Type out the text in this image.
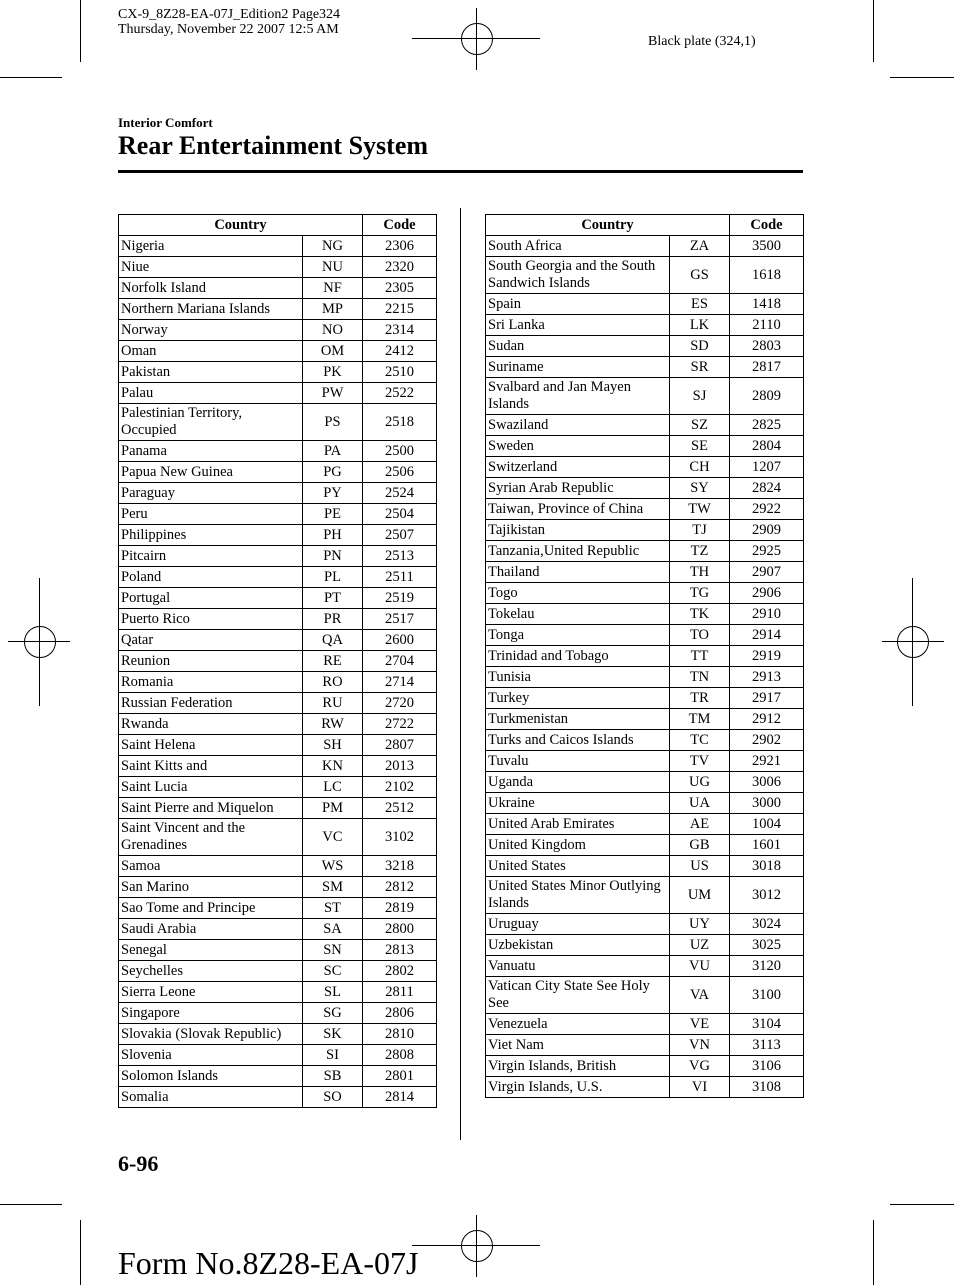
CX-9_8Z28-EA-07J_Edition2 Page324
Thursday, November 22 2007 12:5 AM
Black plate (324,1)
Interior Comfort
Rear Entertainment System
Country		Code
Nigeria	NG	2306
Niue	NU	2320
Norfolk Island	NF	2305
Northern Mariana Islands	MP	2215
Norway	NO	2314
Oman	OM	2412
Pakistan	PK	2510
Palau	PW	2522
Palestinian Territory, Occupied	PS	2518
Panama	PA	2500
Papua New Guinea	PG	2506
Paraguay	PY	2524
Peru	PE	2504
Philippines	PH	2507
Pitcairn	PN	2513
Poland	PL	2511
Portugal	PT	2519
Puerto Rico	PR	2517
Qatar	QA	2600
Reunion	RE	2704
Romania	RO	2714
Russian Federation	RU	2720
Rwanda	RW	2722
Saint Helena	SH	2807
Saint Kitts and	KN	2013
Saint Lucia	LC	2102
Saint Pierre and Miquelon	PM	2512
Saint Vincent and the Grenadines	VC	3102
Samoa	WS	3218
San Marino	SM	2812
Sao Tome and Principe	ST	2819
Saudi Arabia	SA	2800
Senegal	SN	2813
Seychelles	SC	2802
Sierra Leone	SL	2811
Singapore	SG	2806
Slovakia (Slovak Republic)	SK	2810
Slovenia	SI	2808
Solomon Islands	SB	2801
Somalia	SO	2814
Country		Code
South Africa	ZA	3500
South Georgia and the South Sandwich Islands	GS	1618
Spain	ES	1418
Sri Lanka	LK	2110
Sudan	SD	2803
Suriname	SR	2817
Svalbard and Jan Mayen Islands	SJ	2809
Swaziland	SZ	2825
Sweden	SE	2804
Switzerland	CH	1207
Syrian Arab Republic	SY	2824
Taiwan, Province of China	TW	2922
Tajikistan	TJ	2909
Tanzania,United Republic	TZ	2925
Thailand	TH	2907
Togo	TG	2906
Tokelau	TK	2910
Tonga	TO	2914
Trinidad and Tobago	TT	2919
Tunisia	TN	2913
Turkey	TR	2917
Turkmenistan	TM	2912
Turks and Caicos Islands	TC	2902
Tuvalu	TV	2921
Uganda	UG	3006
Ukraine	UA	3000
United Arab Emirates	AE	1004
United Kingdom	GB	1601
United States	US	3018
United States Minor Outlying Islands	UM	3012
Uruguay	UY	3024
Uzbekistan	UZ	3025
Vanuatu	VU	3120
Vatican City State See Holy See	VA	3100
Venezuela	VE	3104
Viet Nam	VN	3113
Virgin Islands, British	VG	3106
Virgin Islands, U.S.	VI	3108
6-96
Form No.8Z28-EA-07J
